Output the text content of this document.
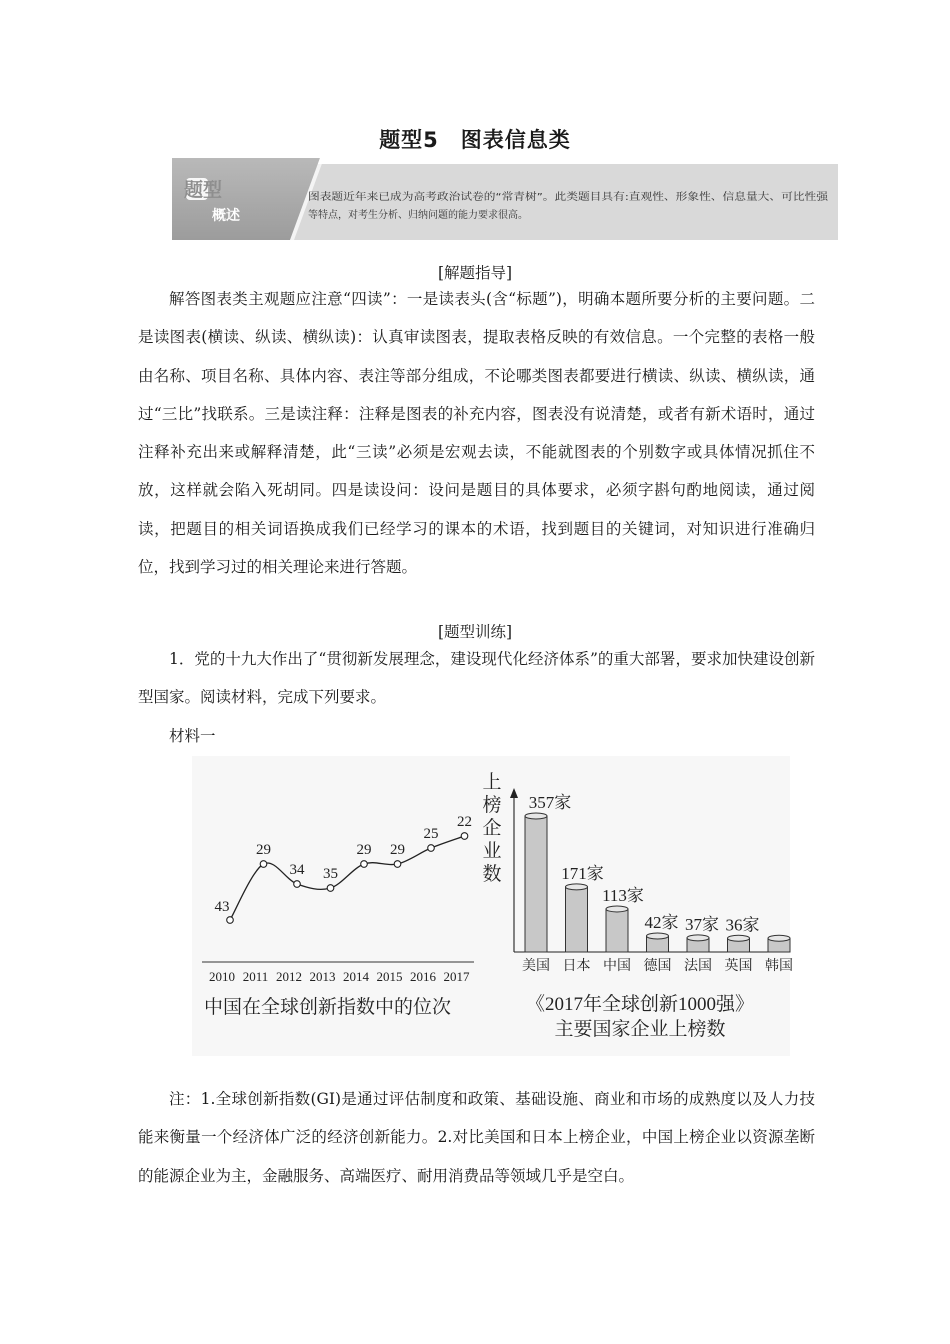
题型5　图表信息类
题型
概述
图表题近年来已成为高考政治试卷的“常青树”。此类题目具有:直观性、形象性、信息量大、可比性强
等特点，对考生分析、归纳问题的能力要求很高。
[解题指导]

解答图表类主观题应注意“四读”：一是读表头(含“标题”)，明确本题所要分析的主要问题。二是读图表(横读、纵读、横纵读)：认真审读图表，提取表格反映的有效信息。一个完整的表格一般由名称、项目名称、具体内容、表注等部分组成，不论哪类图表都要进行横读、纵读、横纵读，通过“三比”找联系。三是读注释：注释是图表的补充内容，图表没有说清楚，或者有新术语时，通过注释补充出来或解释清楚，此“三读”必须是宏观去读，不能就图表的个别数字或具体情况抓住不放，这样就会陷入死胡同。四是读设问：设问是题目的具体要求，必须字斟句酌地阅读，通过阅读，把题目的相关词语换成我们已经学习的课本的术语，找到题目的关键词，对知识进行准确归位，找到学习过的相关理论来进行答题。

[题型训练]

1．党的十九大作出了“贯彻新发展理念，建设现代化经济体系”的重大部署，要求加快建设创新型国家。阅读材料，完成下列要求。

材料一
43
29
34 35
29 29
25
22
2010 2011 2012 2013 2014 2015 2016 2017
中国在全球创新指数中的位次
上
榜
企
业
数
美国
357家
日本
171家
中国
113家
德国
42家
法国
37家
英国
36家
韩国
《2017年全球创新1000强》
主要国家企业上榜数

注：1.全球创新指数(GI)是通过评估制度和政策、基础设施、商业和市场的成熟度以及人力技能来衡量一个经济体广泛的经济创新能力。2.对比美国和日本上榜企业，中国上榜企业以资源垄断的能源企业为主，金融服务、高端医疗、耐用消费品等领域几乎是空白。
